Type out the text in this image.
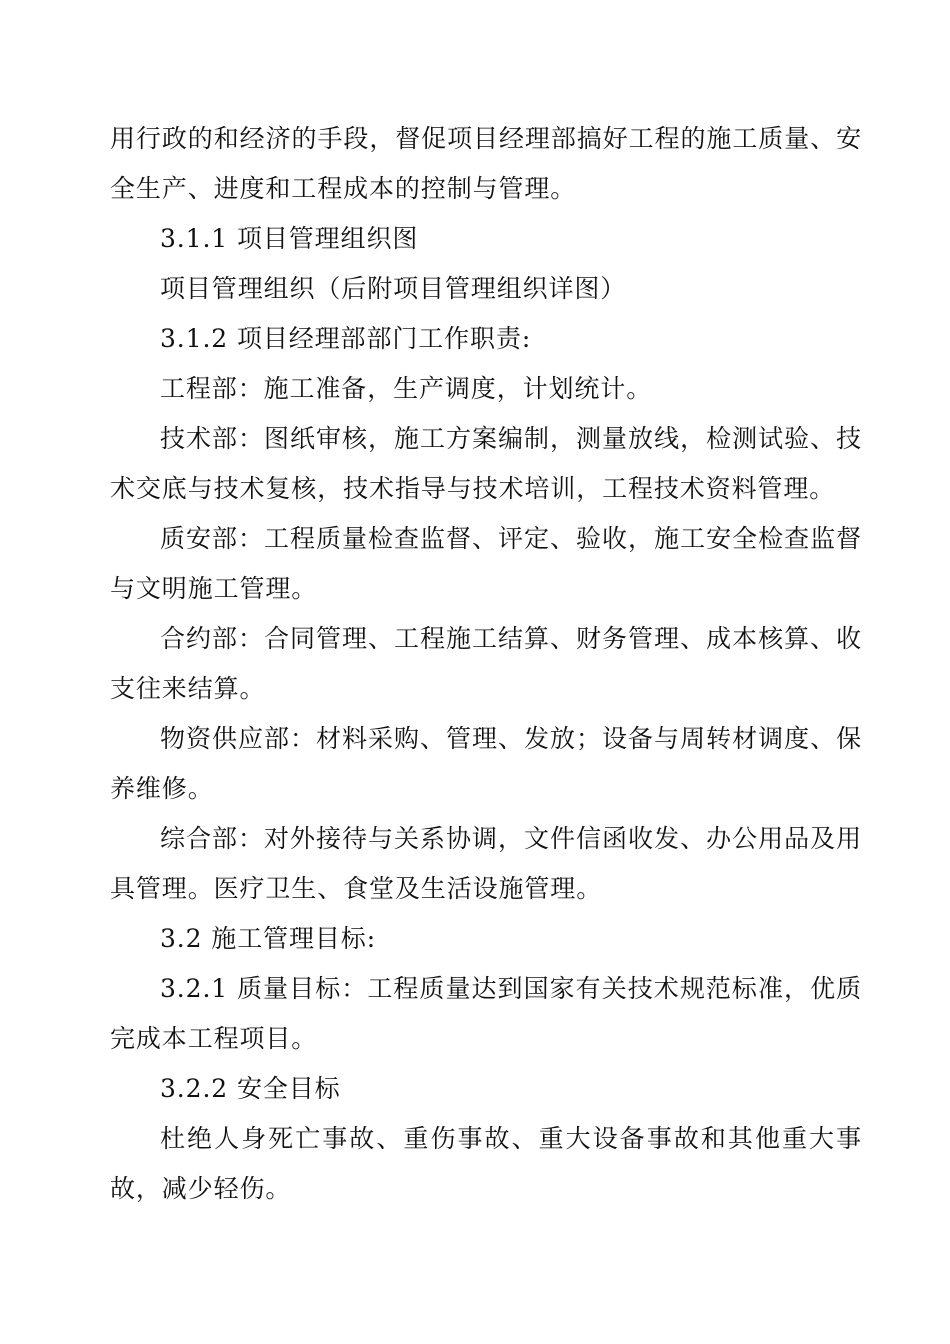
用行政的和经济的手段，督促项目经理部搞好工程的施工质量、安全生产、进度和工程成本的控制与管理。

3.1.1 项目管理组织图

项目管理组织（后附项目管理组织详图）

3.1.2 项目经理部部门工作职责:

工程部：施工准备，生产调度，计划统计。

技术部：图纸审核，施工方案编制，测量放线，检测试验、技术交底与技术复核，技术指导与技术培训，工程技术资料管理。

质安部：工程质量检查监督、评定、验收，施工安全检查监督与文明施工管理。

合约部：合同管理、工程施工结算、财务管理、成本核算、收支往来结算。

物资供应部：材料采购、管理、发放；设备与周转材调度、保养维修。

综合部：对外接待与关系协调，文件信函收发、办公用品及用具管理。医疗卫生、食堂及生活设施管理。

3.2 施工管理目标:

3.2.1 质量目标：工程质量达到国家有关技术规范标准，优质完成本工程项目。

3.2.2 安全目标

杜绝人身死亡事故、重伤事故、重大设备事故和其他重大事故，减少轻伤。
